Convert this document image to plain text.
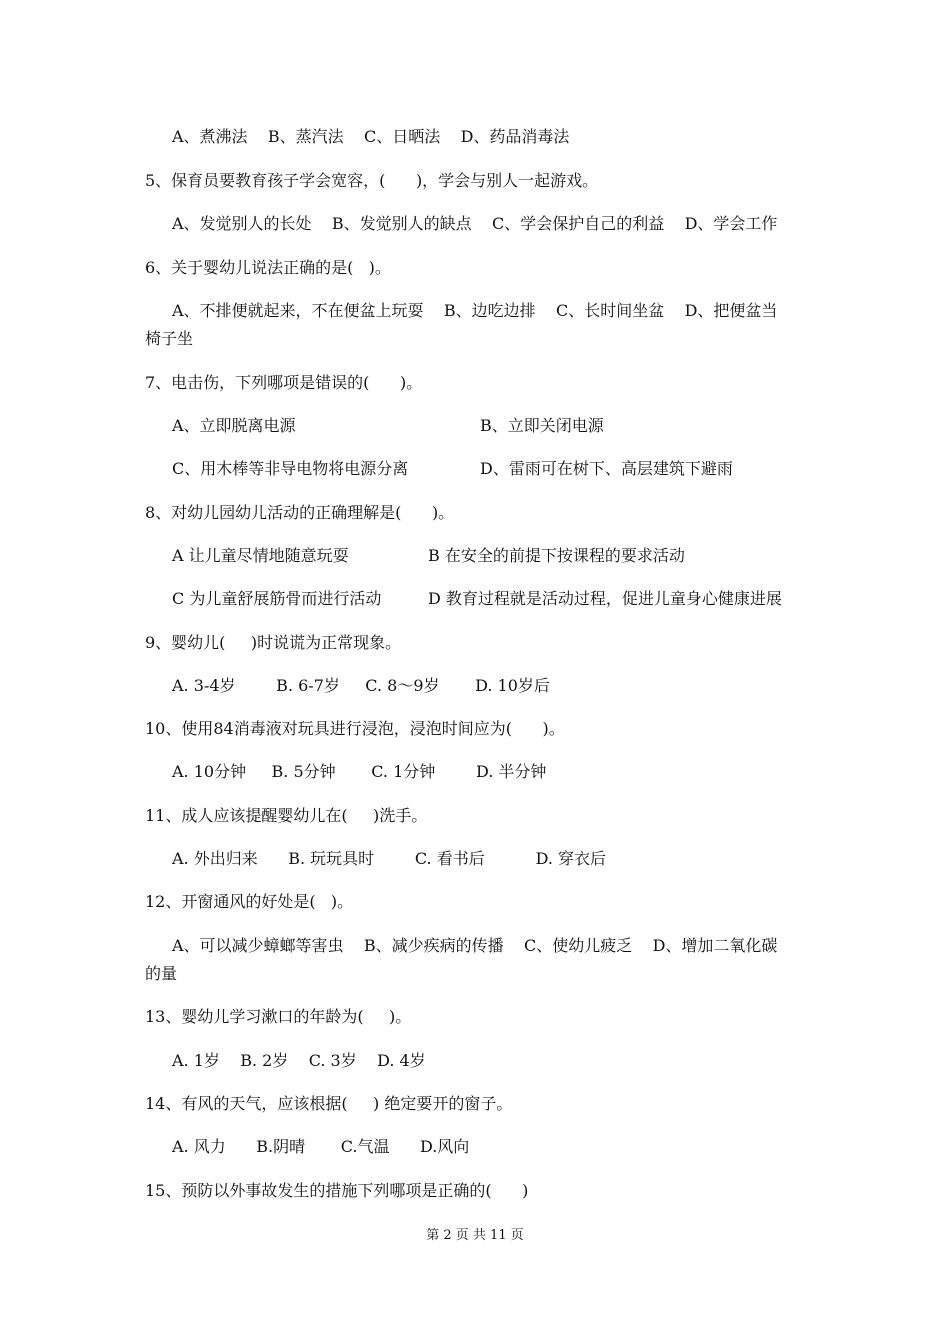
A、煮沸法    B、蒸汽法    C、日晒法    D、药品消毒法

5、保育员要教育孩子学会宽容，(      )，学会与别人一起游戏。

A、发觉别人的长处    B、发觉别人的缺点    C、学会保护自己的利益    D、学会工作

6、关于婴幼儿说法正确的是(   )。

A、不排便就起来，不在便盆上玩耍    B、边吃边排    C、长时间坐盆    D、把便盆当

椅子坐

7、电击伤，下列哪项是错误的(      )。

A、立即脱离电源	B、立即关闭电源
C、用木棒等非导电物将电源分离	D、雷雨可在树下、高层建筑下避雨

8、对幼儿园幼儿活动的正确理解是(      )。

A 让儿童尽情地随意玩耍	B 在安全的前提下按课程的要求活动
C 为儿童舒展筋骨而进行活动	D 教育过程就是活动过程，促进儿童身心健康进展

9、婴幼儿(     )时说谎为正常现象。

A. 3-4岁        B. 6-7岁     C. 8～9岁       D. 10岁后

10、使用84消毒液对玩具进行浸泡，浸泡时间应为(      )。

A. 10分钟     B. 5分钟       C. 1分钟        D. 半分钟

11、成人应该提醒婴幼儿在(     )洗手。

A. 外出归来      B. 玩玩具时        C. 看书后          D. 穿衣后

12、开窗通风的好处是(   )。

A、可以减少蟑螂等害虫    B、减少疾病的传播    C、使幼儿疲乏    D、增加二氧化碳

的量

13、婴幼儿学习漱口的年龄为(     )。

A. 1岁    B. 2岁    C. 3岁    D. 4岁

14、有风的天气，应该根据(     ) 绝定要开的窗子。

A. 风力      B.阴晴       C.气温      D.风向

15、预防以外事故发生的措施下列哪项是正确的(      )

第 2 页 共 11 页
